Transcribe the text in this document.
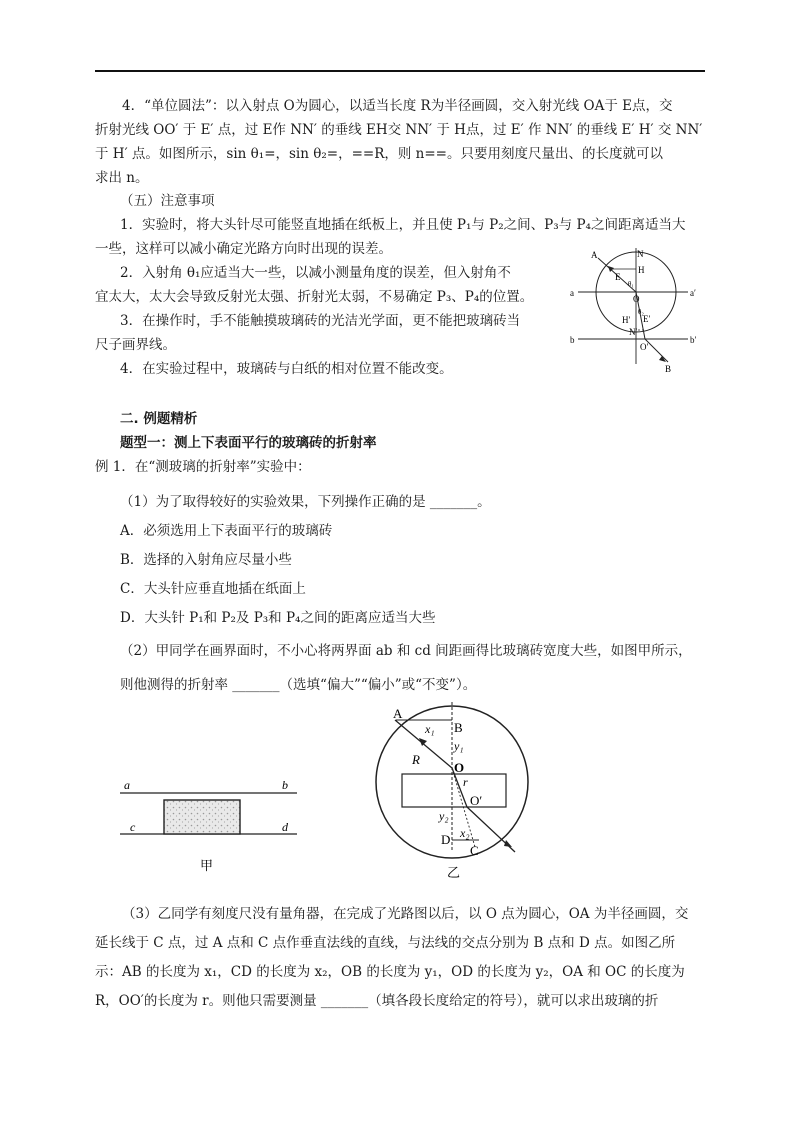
4．“单位圆法”：以入射点 O为圆心，以适当长度 R为半径画圆，交入射光线 OA于 E点，交

折射光线 OO′ 于 E′ 点，过 E作 NN′ 的垂线 EH交 NN′ 于 H点，过 E′ 作 NN′ 的垂线 E′ H′ 交 NN′

于 H′ 点。如图所示，sin θ₁=，sin θ₂=，==R，则 n==。只要用刻度尺量出、的长度就可以

求出 n。

（五）注意事项
1．实验时，将大头针尽可能竖直地插在纸板上，并且使 P₁与 P₂之间、P₃与 P₄之间距离适当大
一些，这样可以减小确定光路方向时出现的误差。
2．入射角 θ₁应适当大一些，以减小测量角度的误差，但入射角不
宜太大，太大会导致反射光太强、折射光太弱，不易确定 P₃、P₄的位置。
3．在操作时，手不能触摸玻璃砖的光洁光学面，更不能把玻璃砖当
尺子画界线。
4．在实验过程中，玻璃砖与白纸的相对位置不能改变。
N
A
H
E
θ₁
O
a	a′
θ₂
H′ E′
N′
b	b′
O′
B
二. 例题精析
题型一：测上下表面平行的玻璃砖的折射率
例 1．在“测玻璃的折射率”实验中：
（1）为了取得较好的实验效果，下列操作正确的是 _______。
A．必须选用上下表面平行的玻璃砖
B．选择的入射角应尽量小些
C．大头针应垂直地插在纸面上
D．大头针 P₁和 P₂及 P₃和 P₄之间的距离应适当大些
（2）甲同学在画界面时，不小心将两界面 ab 和 cd 间距画得比玻璃砖宽度大些，如图甲所示，
则他测得的折射率 _______（选填“偏大”“偏小”或“不变”）。
a	b
c	d
甲
A
x₁ B
y₁
R
O
r
O′
y₂
x₂
D
C
乙

（3）乙同学有刻度尺没有量角器，在完成了光路图以后，以 O 点为圆心，OA 为半径画圆，交

延长线于 C 点，过 A 点和 C 点作垂直法线的直线，与法线的交点分别为 B 点和 D 点。如图乙所

示：AB 的长度为 x₁，CD 的长度为 x₂，OB 的长度为 y₁，OD 的长度为 y₂，OA 和 OC 的长度为

R，OO′的长度为 r。则他只需要测量 _______（填各段长度给定的符号），就可以求出玻璃的折
